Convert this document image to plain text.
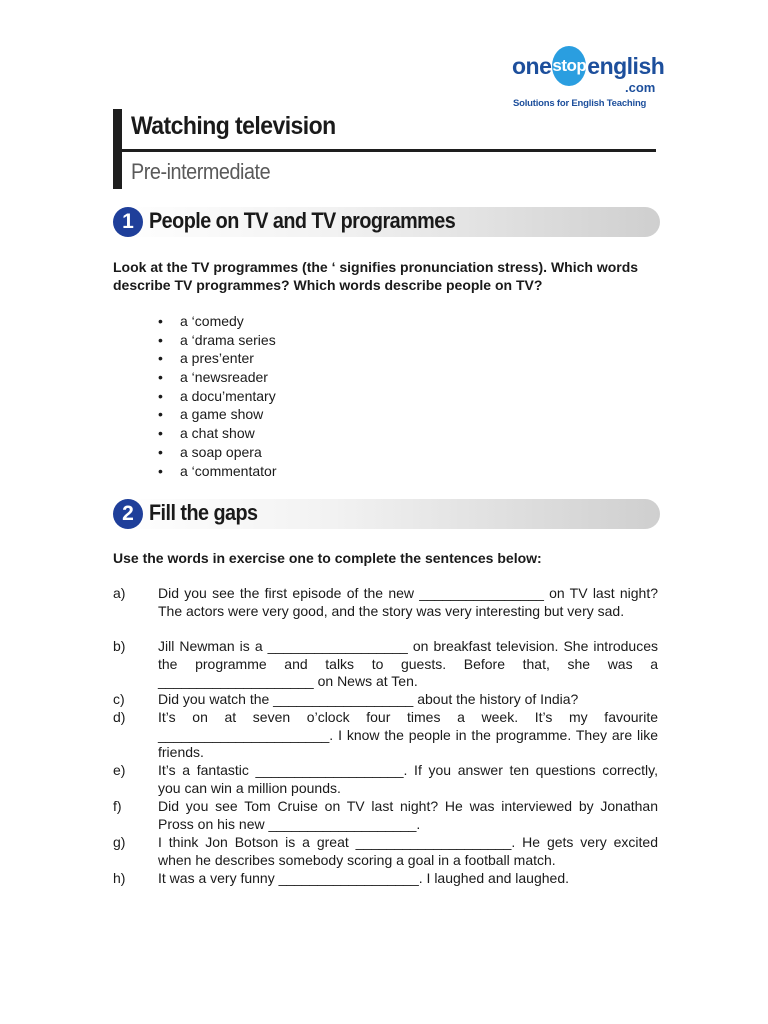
one stop english
.com
Solutions for English Teaching
Watching television
Pre-intermediate
1 People on TV and TV programmes
Look at the TV programmes (the ‘ signifies pronunciation stress). Which words describe TV programmes? Which words describe people on TV?
• a ‘comedy
• a ‘drama series
• a pres’enter
• a ‘newsreader
• a docu’mentary
• a game show
• a chat show
• a soap opera
• a ‘commentator
2 Fill the gaps
Use the words in exercise one to complete the sentences below:
a)	Did you see the first episode of the new ________________ on TV last night? The actors were very good, and the story was very interesting but very sad.
b)	Jill Newman is a __________________ on breakfast television. She introduces the programme and talks to guests. Before that, she was a ____________________ on News at Ten.
c)	Did you watch the __________________ about the history of India?
d)	It’s on at seven o’clock four times a week. It’s my favourite ______________________. I know the people in the programme. They are like friends.
e)	It’s a fantastic ___________________. If you answer ten questions correctly, you can win a million pounds.
f)	Did you see Tom Cruise on TV last night? He was interviewed by Jonathan Pross on his new ___________________.
g)	I think Jon Botson is a great ____________________. He gets very excited when he describes somebody scoring a goal in a football match.
h)	It was a very funny __________________. I laughed and laughed.
